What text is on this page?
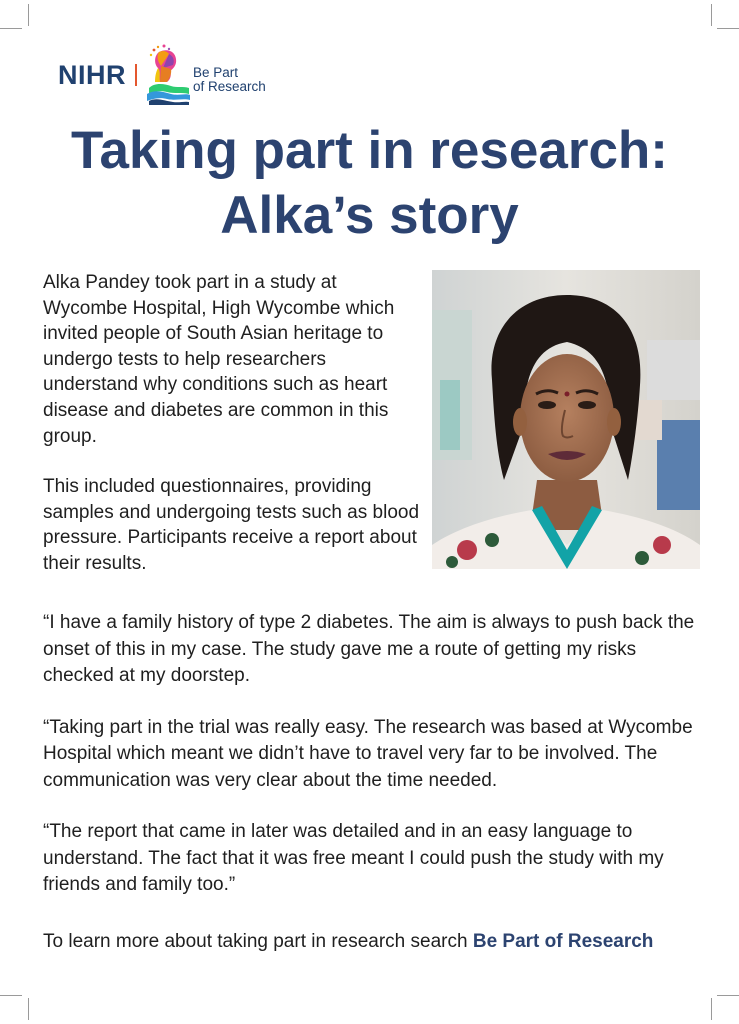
NIHR	Be Part
of Research
Taking part in research:
Alka’s story

Alka Pandey took part in a study at Wycombe Hospital, High Wycombe which invited people of South Asian heritage to undergo tests to help researchers understand why conditions such as heart disease and diabetes are common in this group.

This included questionnaires, providing samples and undergoing tests such as blood pressure. Participants receive a report about their results.

“I have a family history of type 2 diabetes. The aim is always to push back the onset of this in my case. The study gave me a route of getting my risks checked at my doorstep.

“Taking part in the trial was really easy. The research was based at Wycombe Hospital which meant we didn’t have to travel very far to be involved. The communication was very clear about the time needed.

“The report that came in later was detailed and in an easy language to understand. The fact that it was free meant I could push the study with my friends and family too.”

To learn more about taking part in research search Be Part of Research
